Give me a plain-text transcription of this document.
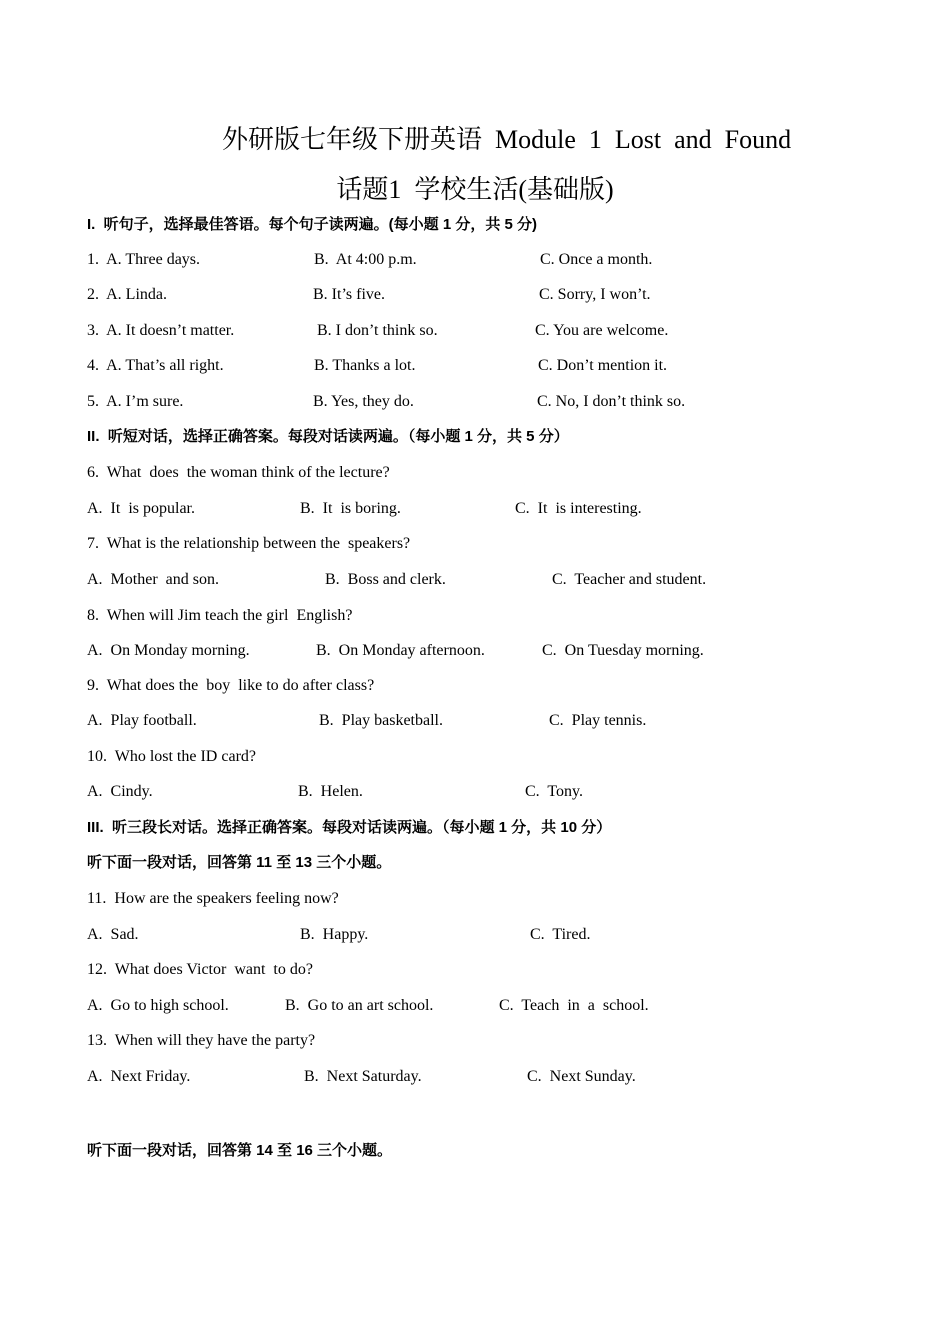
外研版七年级下册英语  Module  1  Lost  and  Found
话题1  学校生活(基础版)
I.  听句子，选择最佳答语。每个句子读两遍。(每小题 1 分，共 5 分)
1.  A. Three days.	B.  At 4:00 p.m.	C. Once a month.
2.  A. Linda.	B. It’s five.	C. Sorry, I won’t.
3.  A. It doesn’t matter.	B. I don’t think so.	C. You are welcome.
4.  A. That’s all right.	B. Thanks a lot.	C. Don’t mention it.
5.  A. I’m sure.	B. Yes, they do.	C. No, I don’t think so.
II.  听短对话，选择正确答案。每段对话读两遍。（每小题 1 分，共 5 分）
6.  What  does  the woman think of the lecture?
A.  It  is popular.	B.  It  is boring.	C.  It  is interesting.
7.  What is the relationship between the  speakers?
A.  Mother  and son.	B.  Boss and clerk.	C.  Teacher and student.
8.  When will Jim teach the girl  English?
A.  On Monday morning.	B.  On Monday afternoon.	C.  On Tuesday morning.
9.  What does the  boy  like to do after class?
A.  Play football.	B.  Play basketball.	C.  Play tennis.
10.  Who lost the ID card?
A.  Cindy.	B.  Helen.	C.  Tony.
III.  听三段长对话。选择正确答案。每段对话读两遍。（每小题 1 分，共 10 分）
听下面一段对话，回答第 11 至 13 三个小题。
11.  How are the speakers feeling now?
A.  Sad.	B.  Happy.	C.  Tired.
12.  What does Victor  want  to do?
A.  Go to high school.	B.  Go to an art school.	C.  Teach  in  a  school.
13.  When will they have the party?
A.  Next Friday.	B.  Next Saturday.	C.  Next Sunday.
听下面一段对话，回答第 14 至 16 三个小题。
